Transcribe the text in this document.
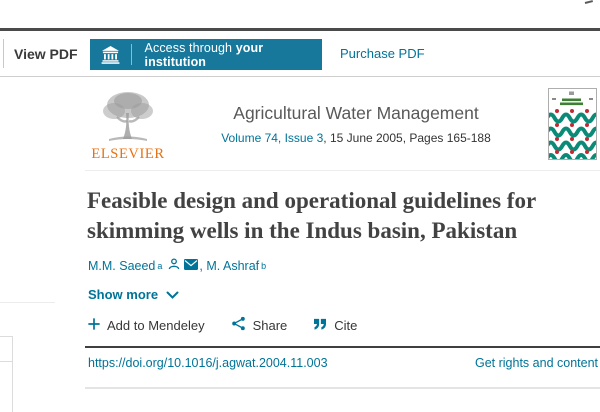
View PDF	Access through your institution
Purchase PDF
ELSEVIER
Agricultural Water Management
Volume 74, Issue 3, 15 June 2005, Pages 165-188
Feasible design and operational guidelines for skimming wells in the Indus basin, Pakistan
M.M. Saeed a	, M. Ashraf b
Show more
Add to Mendeley	Share	Cite
https://doi.org/10.1016/j.agwat.2004.11.003	Get rights and content
